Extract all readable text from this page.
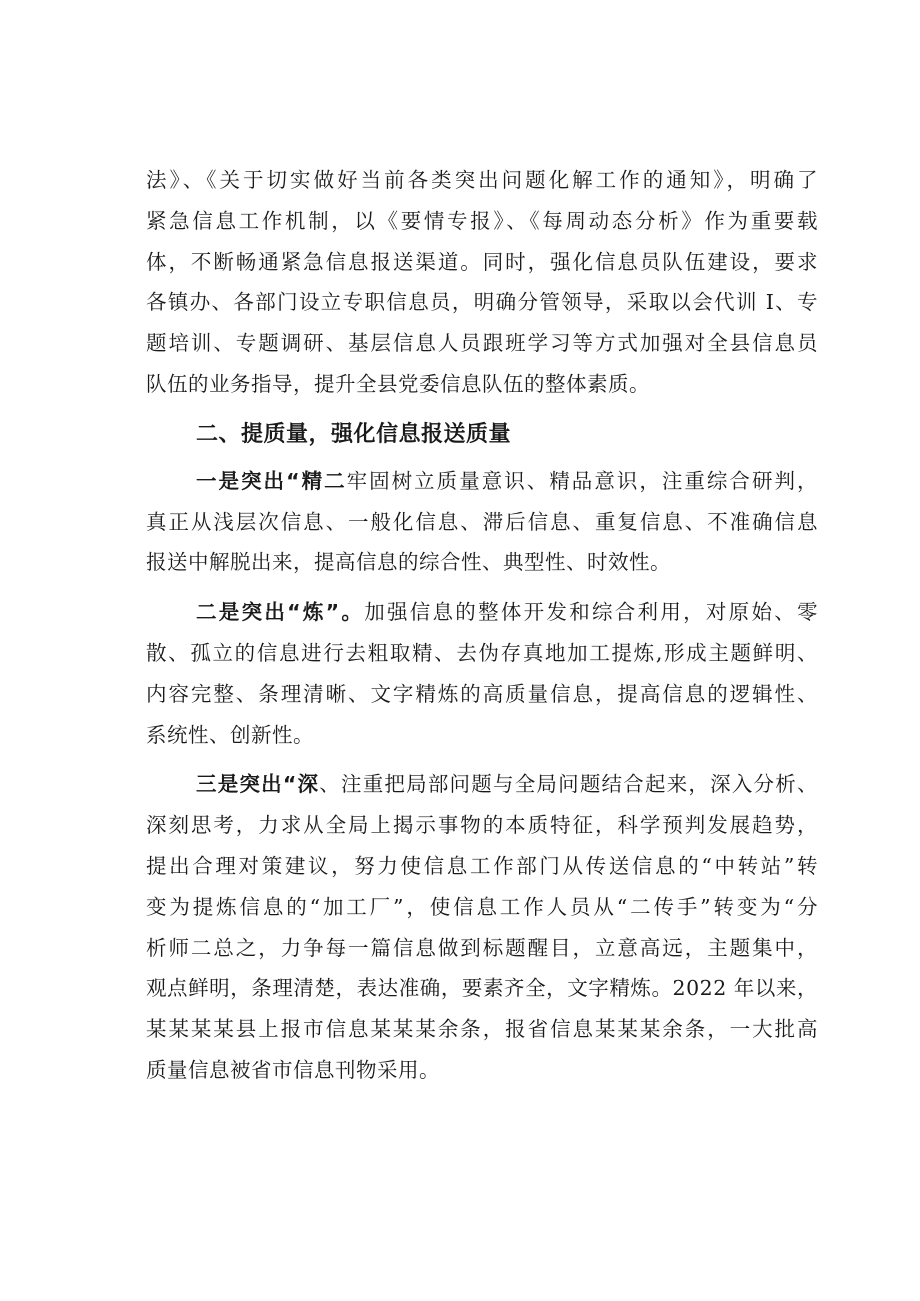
法》、《关于切实做好当前各类突出问题化解工作的通知》，明确了
紧急信息工作机制，以《要情专报》、《每周动态分析》作为重要载
体，不断畅通紧急信息报送渠道。同时，强化信息员队伍建设，要求
各镇办、各部门设立专职信息员，明确分管领导，采取以会代训 I、专
题培训、专题调研、基层信息人员跟班学习等方式加强对全县信息员
队伍的业务指导，提升全县党委信息队伍的整体素质。
二、提质量，强化信息报送质量
一是突出“精二牢固树立质量意识、精品意识，注重综合研判，
真正从浅层次信息、一般化信息、滞后信息、重复信息、不准确信息
报送中解脱出来，提高信息的综合性、典型性、时效性。
二是突出“炼”。加强信息的整体开发和综合利用，对原始、零
散、孤立的信息进行去粗取精、去伪存真地加工提炼,形成主题鲜明、
内容完整、条理清晰、文字精炼的高质量信息，提高信息的逻辑性、
系统性、创新性。
三是突出“深、注重把局部问题与全局问题结合起来，深入分析、
深刻思考，力求从全局上揭示事物的本质特征，科学预判发展趋势，
提出合理对策建议，努力使信息工作部门从传送信息的“中转站”转
变为提炼信息的“加工厂”，使信息工作人员从“二传手”转变为“分
析师二总之，力争每一篇信息做到标题醒目，立意高远，主题集中，
观点鲜明，条理清楚，表达准确，要素齐全，文字精炼。2022 年以来，
某某某某县上报市信息某某某余条，报省信息某某某余条，一大批高
质量信息被省市信息刊物采用。
